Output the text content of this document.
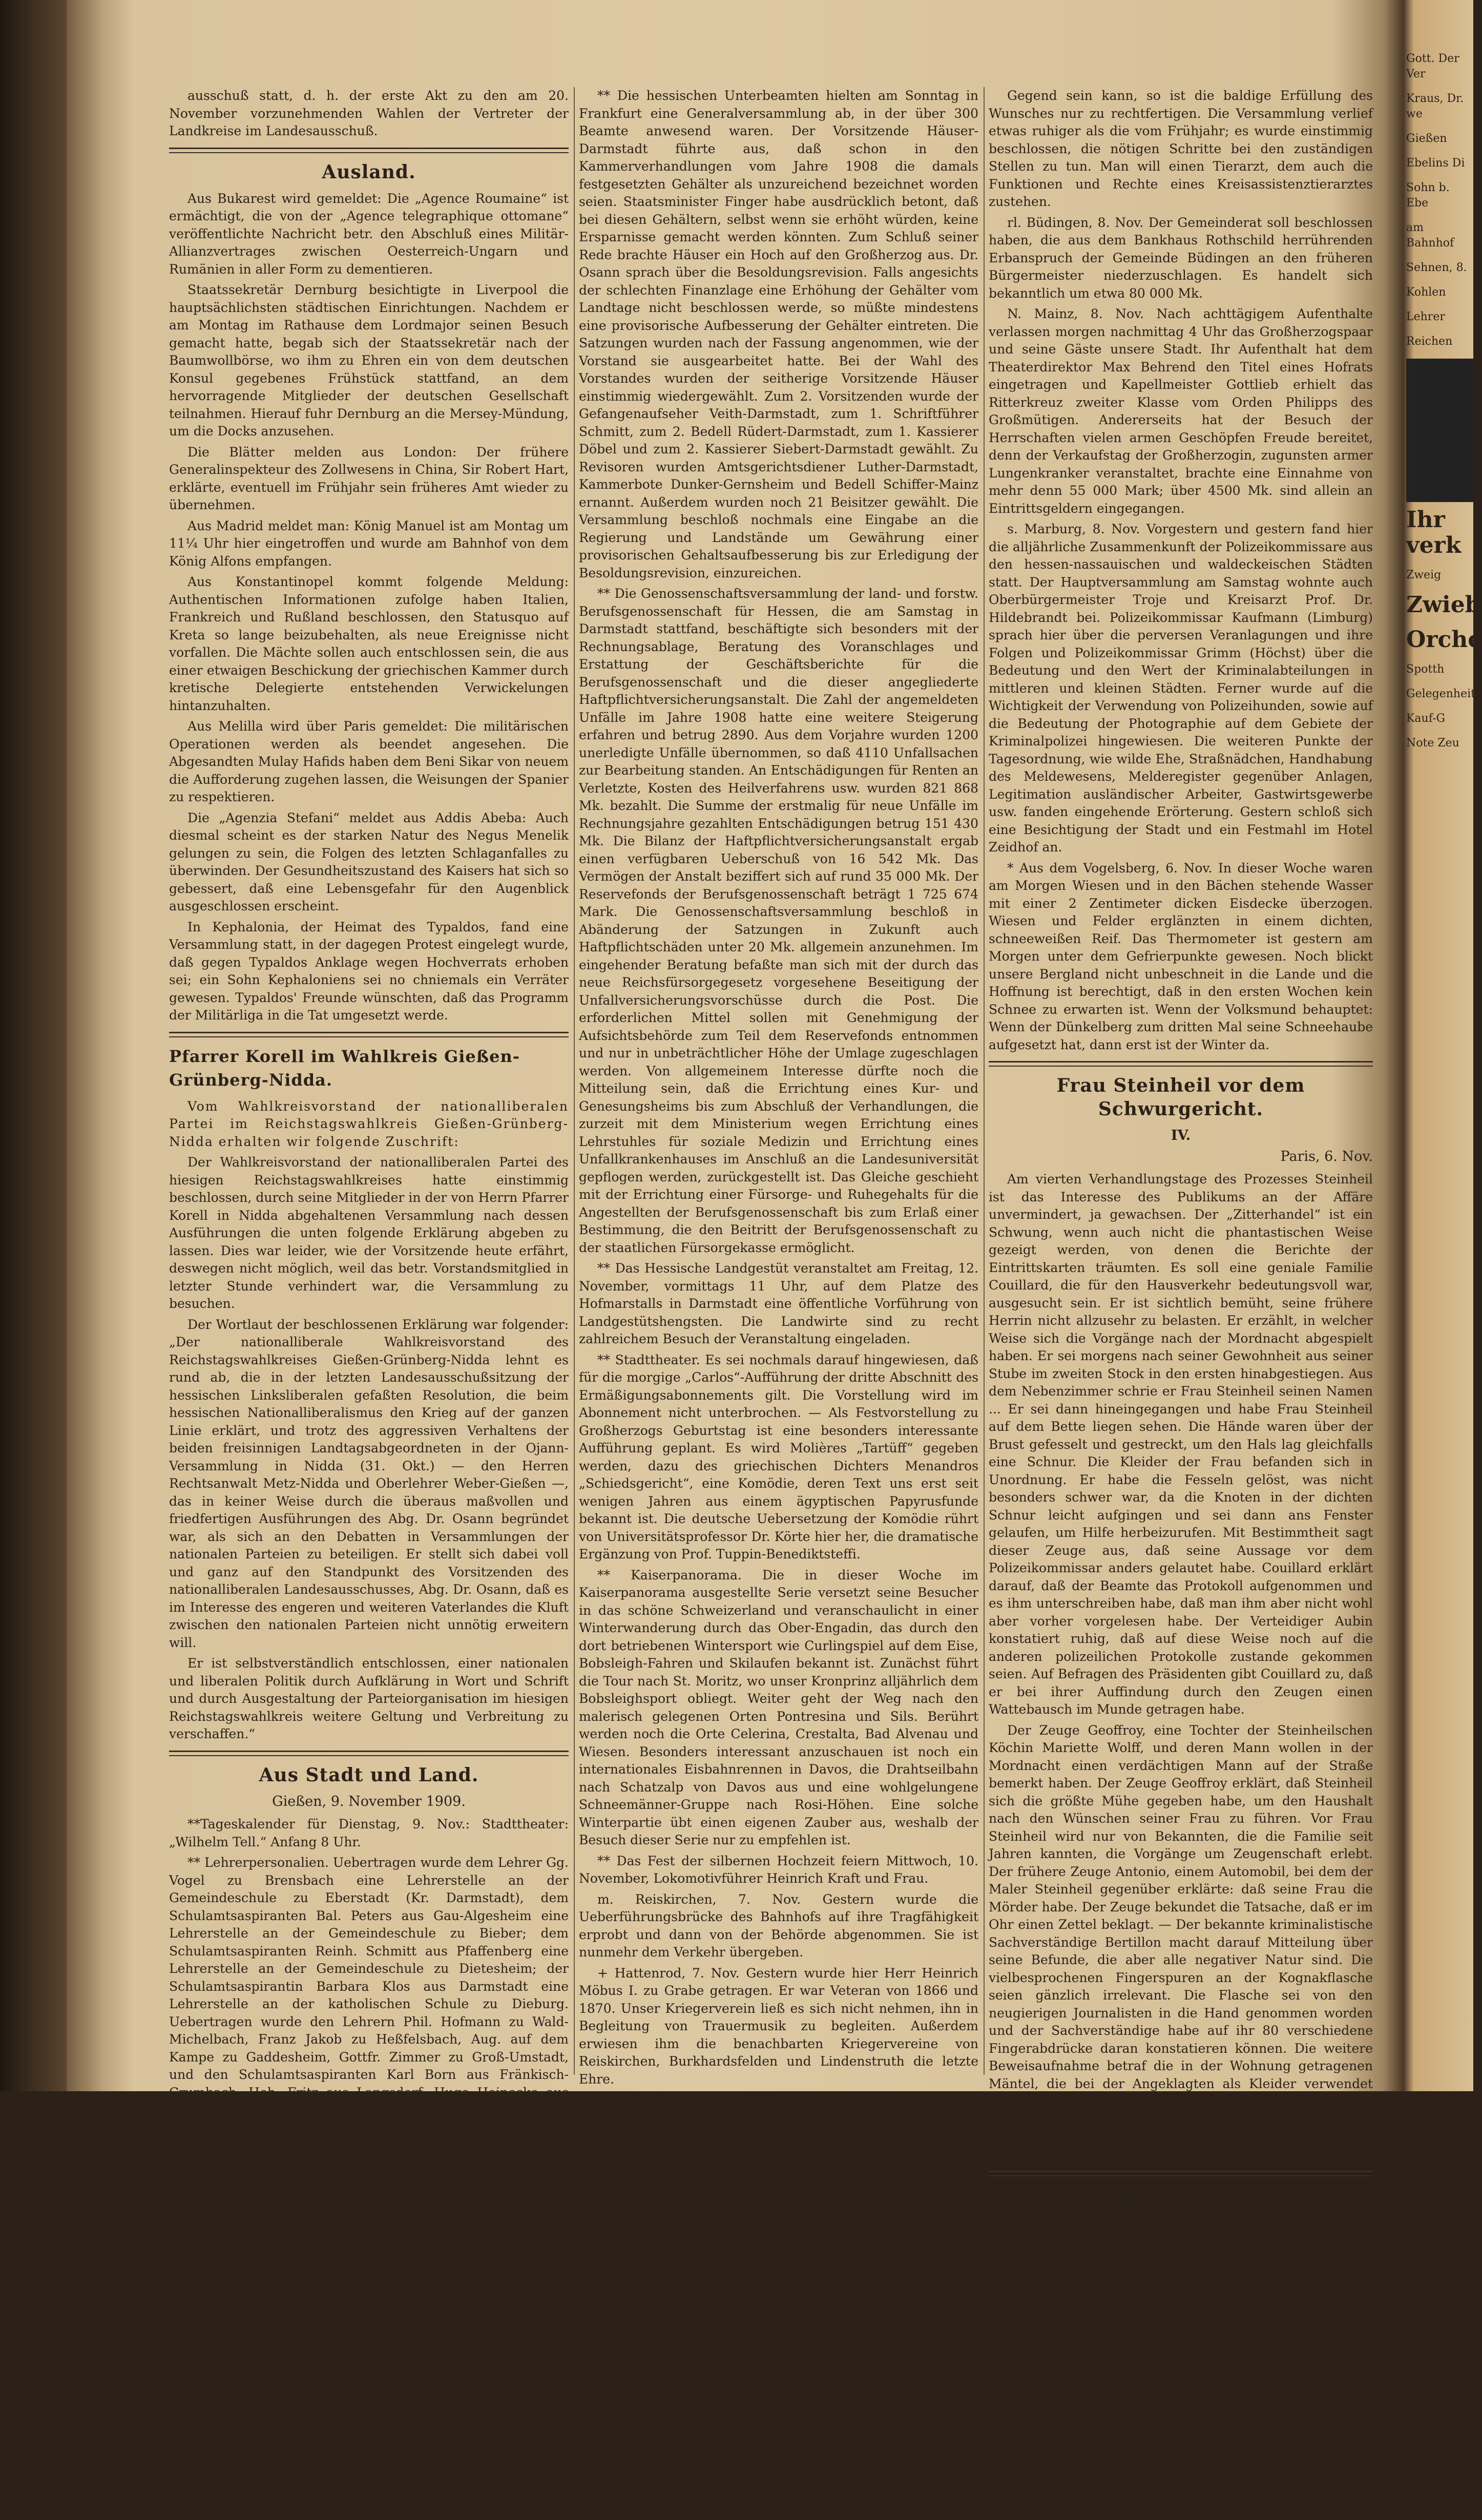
ausschuß statt, d. h. der erste Akt zu den am 20. November vorzunehmenden Wahlen der Vertreter der Landkreise im Landesausschuß.
Ausland.
Aus Bukarest wird gemeldet: Die „Agence Roumaine“ ist ermächtigt, die von der „Agence telegraphique ottomane“ veröffentlichte Nachricht betr. den Abschluß eines Militär-Allianzvertrages zwischen Oesterreich-Ungarn und Rumänien in aller Form zu dementieren.
Staatssekretär Dernburg besichtigte in Liverpool die hauptsächlichsten städtischen Einrichtungen. Nachdem er am Montag im Rathause dem Lordmajor seinen Besuch gemacht hatte, begab sich der Staatssekretär nach der Baumwollbörse, wo ihm zu Ehren ein von dem deutschen Konsul gegebenes Frühstück stattfand, an dem hervorragende Mitglieder der deutschen Gesellschaft teilnahmen. Hierauf fuhr Dernburg an die Mersey-Mündung, um die Docks anzusehen.
Die Blätter melden aus London: Der frühere Generalinspekteur des Zollwesens in China, Sir Robert Hart, erklärte, eventuell im Frühjahr sein früheres Amt wieder zu übernehmen.
Aus Madrid meldet man: König Manuel ist am Montag um 11¼ Uhr hier eingetroffen und wurde am Bahnhof von dem König Alfons empfangen.
Aus Konstantinopel kommt folgende Meldung: Authentischen Informationen zufolge haben Italien, Frankreich und Rußland beschlossen, den Statusquo auf Kreta so lange beizubehalten, als neue Ereignisse nicht vorfallen. Die Mächte sollen auch entschlossen sein, die aus einer etwaigen Beschickung der griechischen Kammer durch kretische Delegierte entstehenden Verwickelungen hintanzuhalten.
Aus Melilla wird über Paris gemeldet: Die militärischen Operationen werden als beendet angesehen. Die Abgesandten Mulay Hafids haben dem Beni Sikar von neuem die Aufforderung zugehen lassen, die Weisungen der Spanier zu respektieren.
Die „Agenzia Stefani“ meldet aus Addis Abeba: Auch diesmal scheint es der starken Natur des Negus Menelik gelungen zu sein, die Folgen des letzten Schlaganfalles zu überwinden. Der Gesundheitszustand des Kaisers hat sich so gebessert, daß eine Lebensgefahr für den Augenblick ausgeschlossen erscheint.
In Kephalonia, der Heimat des Typaldos, fand eine Versammlung statt, in der dagegen Protest eingelegt wurde, daß gegen Typaldos Anklage wegen Hochverrats erhoben sei; ein Sohn Kephaloniens sei no chniemals ein Verräter gewesen. Typaldos' Freunde wünschten, daß das Programm der Militärliga in die Tat umgesetzt werde.
Pfarrer Korell im Wahlkreis Gießen-Grünberg-Nidda.
Vom Wahlkreisvorstand der nationalliberalen Partei im Reichstagswahlkreis Gießen-Grünberg-Nidda erhalten wir folgende Zuschrift:
Der Wahlkreisvorstand der nationalliberalen Partei des hiesigen Reichstagswahlkreises hatte einstimmig beschlossen, durch seine Mitglieder in der von Herrn Pfarrer Korell in Nidda abgehaltenen Versammlung nach dessen Ausführungen die unten folgende Erklärung abgeben zu lassen. Dies war leider, wie der Vorsitzende heute erfährt, deswegen nicht möglich, weil das betr. Vorstandsmitglied in letzter Stunde verhindert war, die Versammlung zu besuchen.
Der Wortlaut der beschlossenen Erklärung war folgender: „Der nationalliberale Wahlkreisvorstand des Reichstagswahlkreises Gießen-Grünberg-Nidda lehnt es rund ab, die in der letzten Landesausschußsitzung der hessischen Linksliberalen gefaßten Resolution, die beim hessischen Nationalliberalismus den Krieg auf der ganzen Linie erklärt, und trotz des aggressiven Verhaltens der beiden freisinnigen Landtagsabgeordneten in der Ojann-Versammlung in Nidda (31. Okt.) — den Herren Rechtsanwalt Metz-Nidda und Oberlehrer Weber-Gießen —, das in keiner Weise durch die überaus maßvollen und friedfertigen Ausführungen des Abg. Dr. Osann begründet war, als sich an den Debatten in Versammlungen der nationalen Parteien zu beteiligen. Er stellt sich dabei voll und ganz auf den Standpunkt des Vorsitzenden des nationalliberalen Landesausschusses, Abg. Dr. Osann, daß es im Interesse des engeren und weiteren Vaterlandes die Kluft zwischen den nationalen Parteien nicht unnötig erweitern will.
Er ist selbstverständlich entschlossen, einer nationalen und liberalen Politik durch Aufklärung in Wort und Schrift und durch Ausgestaltung der Parteiorganisation im hiesigen Reichstagswahlkreis weitere Geltung und Verbreitung zu verschaffen.“
Aus Stadt und Land.
Gießen, 9. November 1909.
**Tageskalender für Dienstag, 9. Nov.: Stadttheater: „Wilhelm Tell.“ Anfang 8 Uhr.
** Lehrerpersonalien. Uebertragen wurde dem Lehrer Gg. Vogel zu Brensbach eine Lehrerstelle an der Gemeindeschule zu Eberstadt (Kr. Darmstadt), dem Schulamtsaspiranten Bal. Peters aus Gau-Algesheim eine Lehrerstelle an der Gemeindeschule zu Bieber; dem Schulamtsaspiranten Reinh. Schmitt aus Pfaffenberg eine Lehrerstelle an der Gemeindeschule zu Dietesheim; der Schulamtsaspirantin Barbara Klos aus Darmstadt eine Lehrerstelle an der katholischen Schule zu Dieburg. Uebertragen wurde den Lehrern Phil. Hofmann zu Wald-Michelbach, Franz Jakob zu Heßfelsbach, Aug. auf dem Kampe zu Gaddesheim, Gottfr. Zimmer zu Groß-Umstadt, und den Schulamtsaspiranten Karl Born aus Fränkisch-Crumbach, Heh. Fritz aus Langsdorf, Hugo Heinecke aus Hungen, Adam Mart. Kunkel aus Brensbach, Wilh. Müller aus Sandgrube, Hippolyt Eduard Thum aus Mainz je eine Lehrerstelle, und den Schulamtsaspirantinnen Elisabeth Diehl aus Darmstadt und Martha Goes aus Ortenberg je eine Lehrerstelle an der Volksschule zu Offenbach.
× Rodheim a. d. Bieber, 8. Nov. Gestern nachmittag hielt die freiwillige Feuerwehr ihre Schlußübung ab. Die Wehr nahm zunächst Einzelexerzieren vor, wobei die gute Schulung des jungen Korps Anerkennung fand. Der nun folgende Brandangriff an der Gastwirtschaft von J. Bechthold zeigte, daß die Wehr auf der Höhe ihrer Aufgabe ist.
** Das Ehrenzeichen für Mitglieder freiwilliger Feuerwehren wurde verliehen durch Entschließung des Großherzogs dem Ludw. Hensel zu Büdingen.
** Zur Gemeindesteuerreform. Unter dem Vorsitz des Oberbürgermeisters Dr. Göttelmann fand gestern in Mainz eine Versammlung der Bürgermeister und Beigeordneten der hessischen Städte statt, um Stellung zum neuen Kommunalsteuergesetz zu nehmen. Es wurden einige Abänderungsvorschläge angenommen, die der Regierung übermittelt werden sollen. Von der Einberufung des hessischen Städtetags wurde, wie die „Frkf. Ztg.“ meldet, abgesehen.
** Die hessischen Unterbeamten hielten am Sonntag in Frankfurt eine Generalversammlung ab, in der über 300 Beamte anwesend waren. Der Vorsitzende Häuser-Darmstadt führte aus, daß schon in den Kammerverhandlungen vom Jahre 1908 die damals festgesetzten Gehälter als unzureichend bezeichnet worden seien. Staatsminister Finger habe ausdrücklich betont, daß bei diesen Gehältern, selbst wenn sie erhöht würden, keine Ersparnisse gemacht werden könnten. Zum Schluß seiner Rede brachte Häuser ein Hoch auf den Großherzog aus. Dr. Osann sprach über die Besoldungsrevision. Falls angesichts der schlechten Finanzlage eine Erhöhung der Gehälter vom Landtage nicht beschlossen werde, so müßte mindestens eine provisorische Aufbesserung der Gehälter eintreten. Die Satzungen wurden nach der Fassung angenommen, wie der Vorstand sie ausgearbeitet hatte. Bei der Wahl des Vorstandes wurden der seitherige Vorsitzende Häuser einstimmig wiedergewählt. Zum 2. Vorsitzenden wurde der Gefangenaufseher Veith-Darmstadt, zum 1. Schriftführer Schmitt, zum 2. Bedell Rüdert-Darmstadt, zum 1. Kassierer Döbel und zum 2. Kassierer Siebert-Darmstadt gewählt. Zu Revisoren wurden Amtsgerichtsdiener Luther-Darmstadt, Kammerbote Dunker-Gernsheim und Bedell Schiffer-Mainz ernannt. Außerdem wurden noch 21 Beisitzer gewählt. Die Versammlung beschloß nochmals eine Eingabe an die Regierung und Landstände um Gewährung einer provisorischen Gehaltsaufbesserung bis zur Erledigung der Besoldungsrevision, einzureichen.
** Die Genossenschaftsversammlung der land- und forstw. Berufsgenossenschaft für Hessen, die am Samstag in Darmstadt stattfand, beschäftigte sich besonders mit der Rechnungsablage, Beratung des Voranschlages und Erstattung der Geschäftsberichte für die Berufsgenossenschaft und die dieser angegliederte Haftpflichtversicherungsanstalt. Die Zahl der angemeldeten Unfälle im Jahre 1908 hatte eine weitere Steigerung erfahren und betrug 2890. Aus dem Vorjahre wurden 1200 unerledigte Unfälle übernommen, so daß 4110 Unfallsachen zur Bearbeitung standen. An Entschädigungen für Renten an Verletzte, Kosten des Heilverfahrens usw. wurden 821 868 Mk. bezahlt. Die Summe der erstmalig für neue Unfälle im Rechnungsjahre gezahlten Entschädigungen betrug 151 430 Mk. Die Bilanz der Haftpflichtversicherungsanstalt ergab einen verfügbaren Ueberschuß von 16 542 Mk. Das Vermögen der Anstalt beziffert sich auf rund 35 000 Mk. Der Reservefonds der Berufsgenossenschaft beträgt 1 725 674 Mark. Die Genossenschaftsversammlung beschloß in Abänderung der Satzungen in Zukunft auch Haftpflichtschäden unter 20 Mk. allgemein anzunehmen. Im eingehender Beratung befaßte man sich mit der durch das neue Reichsfürsorgegesetz vorgesehene Beseitigung der Unfallversicherungsvorschüsse durch die Post. Die erforderlichen Mittel sollen mit Genehmigung der Aufsichtsbehörde zum Teil dem Reservefonds entnommen und nur in unbeträchtlicher Höhe der Umlage zugeschlagen werden. Von allgemeinem Interesse dürfte noch die Mitteilung sein, daß die Errichtung eines Kur- und Genesungsheims bis zum Abschluß der Verhandlungen, die zurzeit mit dem Ministerium wegen Errichtung eines Lehrstuhles für soziale Medizin und Errichtung eines Unfallkrankenhauses im Anschluß an die Landesuniversität gepflogen werden, zurückgestellt ist. Das Gleiche geschieht mit der Errichtung einer Fürsorge- und Ruhegehalts für die Angestellten der Berufsgenossenschaft bis zum Erlaß einer Bestimmung, die den Beitritt der Berufsgenossenschaft zu der staatlichen Fürsorgekasse ermöglicht.
** Das Hessische Landgestüt veranstaltet am Freitag, 12. November, vormittags 11 Uhr, auf dem Platze des Hofmarstalls in Darmstadt eine öffentliche Vorführung von Landgestütshengsten. Die Landwirte sind zu recht zahlreichem Besuch der Veranstaltung eingeladen.
** Stadttheater. Es sei nochmals darauf hingewiesen, daß für die morgige „Carlos“-Aufführung der dritte Abschnitt des Ermäßigungsabonnements gilt. Die Vorstellung wird im Abonnement nicht unterbrochen. — Als Festvorstellung zu Großherzogs Geburtstag ist eine besonders interessante Aufführung geplant. Es wird Molières „Tartüff“ gegeben werden, dazu des griechischen Dichters Menandros „Schiedsgericht“, eine Komödie, deren Text uns erst seit wenigen Jahren aus einem ägyptischen Papyrusfunde bekannt ist. Die deutsche Uebersetzung der Komödie rührt von Universitätsprofessor Dr. Körte hier her, die dramatische Ergänzung von Prof. Tuppin-Benediktsteffi.
** Kaiserpanorama. Die in dieser Woche im Kaiserpanorama ausgestellte Serie versetzt seine Besucher in das schöne Schweizerland und veranschaulicht in einer Winterwanderung durch das Ober-Engadin, das durch den dort betriebenen Wintersport wie Curlingspiel auf dem Eise, Bobsleigh-Fahren und Skilaufen bekannt ist. Zunächst führt die Tour nach St. Moritz, wo unser Kronprinz alljährlich dem Bobsleighsport obliegt. Weiter geht der Weg nach den malerisch gelegenen Orten Pontresina und Sils. Berührt werden noch die Orte Celerina, Crestalta, Bad Alvenau und Wiesen. Besonders interessant anzuschauen ist noch ein internationales Eisbahnrennen in Davos, die Drahtseilbahn nach Schatzalp von Davos aus und eine wohlgelungene Schneemänner-Gruppe nach Rosi-Höhen. Eine solche Winterpartie übt einen eigenen Zauber aus, weshalb der Besuch dieser Serie nur zu empfehlen ist.
** Das Fest der silbernen Hochzeit feiern Mittwoch, 10. November, Lokomotivführer Heinrich Kraft und Frau.
m. Reiskirchen, 7. Nov. Gestern wurde die Ueberführungsbrücke des Bahnhofs auf ihre Tragfähigkeit erprobt und dann von der Behörde abgenommen. Sie ist nunmehr dem Verkehr übergeben.
+ Hattenrod, 7. Nov. Gestern wurde hier Herr Heinrich Möbus I. zu Grabe getragen. Er war Veteran von 1866 und 1870. Unser Kriegerverein ließ es sich nicht nehmen, ihn in Begleitung von Trauermusik zu begleiten. Außerdem erwiesen ihm die benachbarten Kriegervereine von Reiskirchen, Burkhardsfelden und Lindenstruth die letzte Ehre.
△ Saasen, 8. Nov. Endlich hat nach fast drei Jahren die bürgermeisterlose Zeit ihr Ende erreicht. Bauunternehmer Schepp wurde heute durch Regierungsrat Merck in sein Amt eingewiesen. Aus diesem Anlaß fand eine Feier statt, an der sich der größte Teil der Gemeinde beteiligte. Hoffentlich kehrt jetzt in unserem Dorfe nach jahrelangen Parteikämpfen wieder Friede ein. — Unser Schulhaus-Neubau ist jetzt im Rohbau nahezu fertiggestellt; er wird im Herbst 1910 eingeweiht.
n. Gedern, 8. Nov. Ein dringendes Bedürfnis für unsere Gegend bildet die Stationierung eines Tierarztes. Kürzlich wurde deshalb eine Versammlung von Vertretern der umliegenden Orte abgehalten. Wenn man bedenkt, daß im Falle der Not ein Tierarzt von Büdingen, Nidda oder Schotten erst nach großem Zeitverlust in unserer
Gegend sein kann, so ist die baldige Erfüllung des Wunsches nur zu rechtfertigen. Die Versammlung verlief etwas ruhiger als die vom Frühjahr; es wurde einstimmig beschlossen, die nötigen Schritte bei den zuständigen Stellen zu tun. Man will einen Tierarzt, dem auch die Funktionen und Rechte eines Kreisassistenztierarztes zustehen.
rl. Büdingen, 8. Nov. Der Gemeinderat soll beschlossen haben, die aus dem Bankhaus Rothschild herrührenden Erbanspruch der Gemeinde Büdingen an den früheren Bürgermeister niederzuschlagen. Es handelt sich bekanntlich um etwa 80 000 Mk.
N. Mainz, 8. Nov. Nach achttägigem Aufenthalte verlassen morgen nachmittag 4 Uhr das Großherzogspaar und seine Gäste unsere Stadt. Ihr Aufenthalt hat dem Theaterdirektor Max Behrend den Titel eines Hofrats eingetragen und Kapellmeister Gottlieb erhielt das Ritterkreuz zweiter Klasse vom Orden Philipps des Großmütigen. Andererseits hat der Besuch der Herrschaften vielen armen Geschöpfen Freude bereitet, denn der Verkaufstag der Großherzogin, zugunsten armer Lungenkranker veranstaltet, brachte eine Einnahme von mehr denn 55 000 Mark; über 4500 Mk. sind allein an Eintrittsgeldern eingegangen.
s. Marburg, 8. Nov. Vorgestern und gestern fand hier die alljährliche Zusammenkunft der Polizeikommissare aus den hessen-nassauischen und waldeckeischen Städten statt. Der Hauptversammlung am Samstag wohnte auch Oberbürgermeister Troje und Kreisarzt Prof. Dr. Hildebrandt bei. Polizeikommissar Kaufmann (Limburg) sprach hier über die perversen Veranlagungen und ihre Folgen und Polizeikommissar Grimm (Höchst) über die Bedeutung und den Wert der Kriminalabteilungen in mittleren und kleinen Städten. Ferner wurde auf die Wichtigkeit der Verwendung von Polizeihunden, sowie auf die Bedeutung der Photographie auf dem Gebiete der Kriminalpolizei hingewiesen. Die weiteren Punkte der Tagesordnung, wie wilde Ehe, Straßnädchen, Handhabung des Meldewesens, Melderegister gegenüber Anlagen, Legitimation ausländischer Arbeiter, Gastwirtsgewerbe usw. fanden eingehende Erörterung. Gestern schloß sich eine Besichtigung der Stadt und ein Festmahl im Hotel Zeidhof an.
* Aus dem Vogelsberg, 6. Nov. In dieser Woche waren am Morgen Wiesen und in den Bächen stehende Wasser mit einer 2 Zentimeter dicken Eisdecke überzogen. Wiesen und Felder erglänzten in einem dichten, schneeweißen Reif. Das Thermometer ist gestern am Morgen unter dem Gefrierpunkte gewesen. Noch blickt unsere Bergland nicht unbeschneit in die Lande und die Hoffnung ist berechtigt, daß in den ersten Wochen kein Schnee zu erwarten ist. Wenn der Volksmund behauptet: Wenn der Dünkelberg zum dritten Mal seine Schneehaube aufgesetzt hat, dann erst ist der Winter da.
Frau Steinheil vor dem Schwurgericht.
IV.
Paris, 6. Nov.
Am vierten Verhandlungstage des Prozesses Steinheil ist das Interesse des Publikums an der Affäre unvermindert, ja gewachsen. Der „Zitterhandel“ ist ein Schwung, wenn auch nicht die phantastischen Weise gezeigt werden, von denen die Berichte der Eintrittskarten träumten. Es soll eine geniale Familie Couillard, die für den Hausverkehr bedeutungsvoll war, ausgesucht sein. Er ist sichtlich bemüht, seine frühere Herrin nicht allzusehr zu belasten. Er erzählt, in welcher Weise sich die Vorgänge nach der Mordnacht abgespielt haben. Er sei morgens nach seiner Gewohnheit aus seiner Stube im zweiten Stock in den ersten hinabgestiegen. Aus dem Nebenzimmer schrie er Frau Steinheil seinen Namen ... Er sei dann hineingegangen und habe Frau Steinheil auf dem Bette liegen sehen. Die Hände waren über der Brust gefesselt und gestreckt, um den Hals lag gleichfalls eine Schnur. Die Kleider der Frau befanden sich in Unordnung. Er habe die Fesseln gelöst, was nicht besonders schwer war, da die Knoten in der dichten Schnur leicht aufgingen und sei dann ans Fenster gelaufen, um Hilfe herbeizurufen. Mit Bestimmtheit sagt dieser Zeuge aus, daß seine Aussage vor dem Polizeikommissar anders gelautet habe. Couillard erklärt darauf, daß der Beamte das Protokoll aufgenommen und es ihm unterschreiben habe, daß man ihm aber nicht wohl aber vorher vorgelesen habe. Der Verteidiger Aubin konstatiert ruhig, daß auf diese Weise noch auf die anderen polizeilichen Protokolle zustande gekommen seien. Auf Befragen des Präsidenten gibt Couillard zu, daß er bei ihrer Auffindung durch den Zeugen einen Wattebausch im Munde getragen habe.
Der Zeuge Geoffroy, eine Tochter der Steinheilschen Köchin Mariette Wolff, und deren Mann wollen in der Mordnacht einen verdächtigen Mann auf der Straße bemerkt haben. Der Zeuge Geoffroy erklärt, daß Steinheil sich die größte Mühe gegeben habe, um den Haushalt nach den Wünschen seiner Frau zu führen. Vor Frau Steinheil wird nur von Bekannten, die die Familie seit Jahren kannten, die Vorgänge um Zeugenschaft erlebt. Der frühere Zeuge Antonio, einem Automobil, bei dem der Maler Steinheil gegenüber erklärte: daß seine Frau die Mörder habe. Der Zeuge bekundet die Tatsache, daß er im Ohr einen Zettel beklagt. — Der bekannte kriminalistische Sachverständige Bertillon macht darauf Mitteilung über seine Befunde, die aber alle negativer Natur sind. Die vielbesprochenen Fingerspuren an der Kognakflasche seien gänzlich irrelevant. Die Flasche sei von den neugierigen Journalisten in die Hand genommen worden und der Sachverständige habe auf ihr 80 verschiedene Fingerabdrücke daran konstatieren können. Die weitere Beweisaufnahme betraf die in der Wohnung getragenen Mäntel, die bei der Angeklagten als Kleider verwendet worden sind. Es wurde ein Mantel ausgestellt, der einem kleinen Vorhabe über solche Mäntel gleichen, wodurch sich die Zeugenaussagen können aber bestimmt Tatsachen darüber nicht festlegen.
Luftschiffahrt.
Berlin, 9. Nov. Major v. Parseval hat die bisherige Versuchsstation auf dem Tegeler Schießplatz aufgegeben und nach Plau in Mecklenburg verlegt. In den nächsten Tagen wird Major v. Parseval die Flugversuche mit dem von ihm gebauten Flieger beginnen, da die Baulichkeiten jetzt fertiggestellt sind. Das Flaggelände am Plauer See hat eine Länge von 60 Geviertkilometern bei einer Breite von 4 Kilometern.
Düsseldorf, 9. Nov. Gestern nachmittag flatterte die Luftschiffe M. II und Z. II der Stadt Düsseldorf einen Besuch ab. Um 3 Uhr tauchte M. II hier auf und fuhr nach Elberfeld-Barmen und von dort zurück nach Köln. Gegen 4 Uhr war Z. II und zog nach 4 Uhr über die Stadt hinweg, nach Köln zurück.
Hamburg, 8. Nov. Der Flugfahrer Hans Grade unternahm gestern drei erfolgreiche Flüge von 5—7 Minuten
Gott. Der Ver
Kraus, Dr. we
Gießen
Ebelins Di
Sohn b. Ebe
am Bahnhof
Sehnen, 8.
Kohlen
Lehrer
Reichen
Ihr verk
Zweig
Zwieb
Orche
Spotth
Gelegenheit
Kauf-G
Note Zeu
